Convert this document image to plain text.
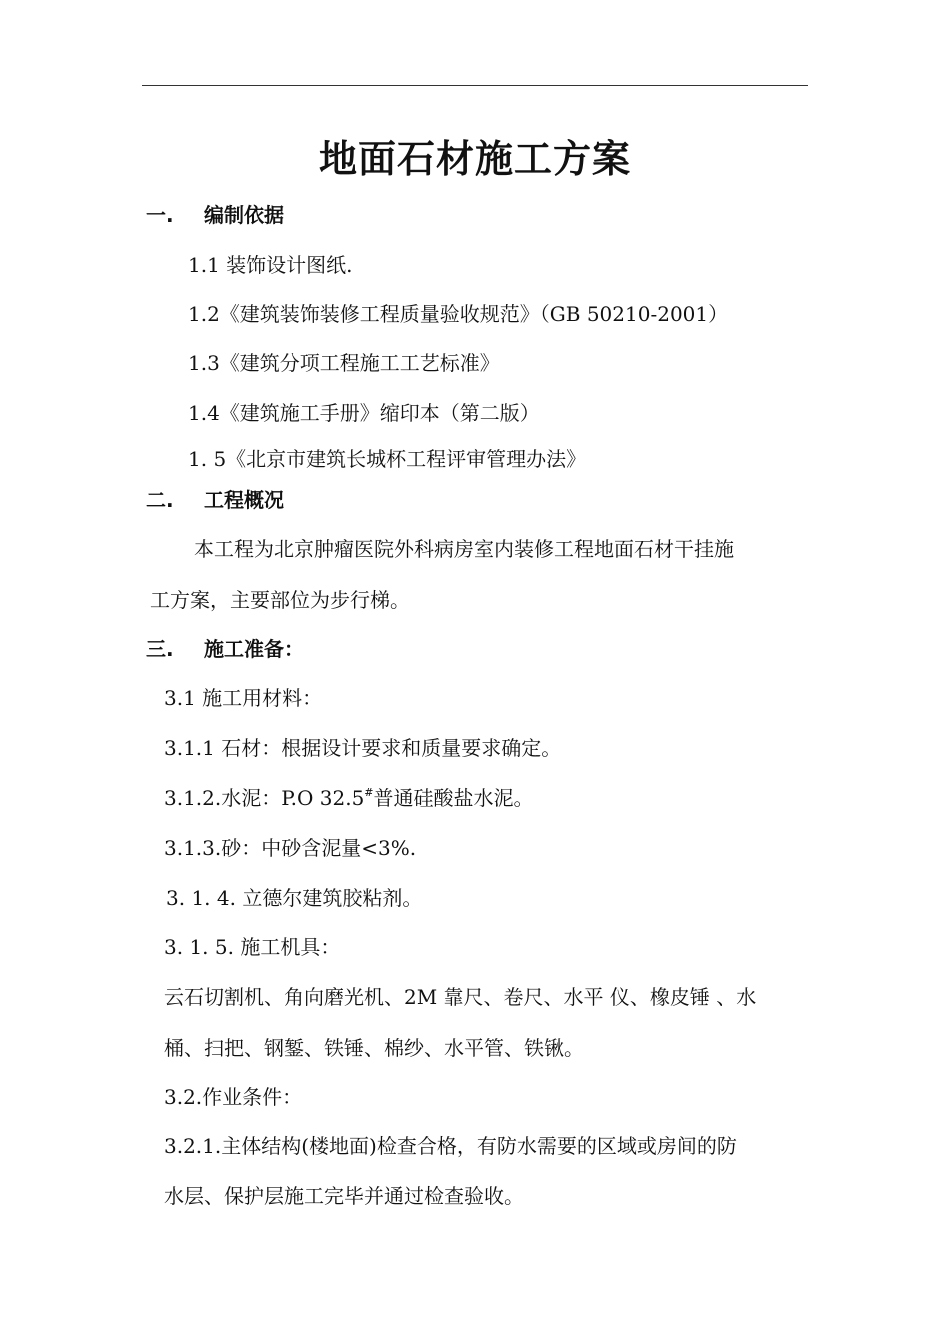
地面石材施工方案
一. 编制依据
1.1 装饰设计图纸.
1.2《建筑装饰装修工程质量验收规范》（GB 50210-2001）
1.3《建筑分项工程施工工艺标准》
1.4《建筑施工手册》缩印本（第二版）
1. 5《北京市建筑长城杯工程评审管理办法》
二. 工程概况
本工程为北京肿瘤医院外科病房室内装修工程地面石材干挂施
工方案，主要部位为步行梯。
三. 施工准备：
3.1 施工用材料：
3.1.1 石材：根据设计要求和质量要求确定。
3.1.2.水泥：P.O 32.5#普通硅酸盐水泥。
3.1.3.砂：中砂含泥量<3%.
3. 1. 4. 立德尔建筑胶粘剂。
3. 1. 5. 施工机具：
云石切割机、角向磨光机、2M 靠尺、卷尺、水平 仪、橡皮锤 、水
桶、扫把、钢錾、铁锤、棉纱、水平管、铁锹。
3.2.作业条件：
3.2.1.主体结构(楼地面)检查合格，有防水需要的区域或房间的防
水层、保护层施工完毕并通过检查验收。
